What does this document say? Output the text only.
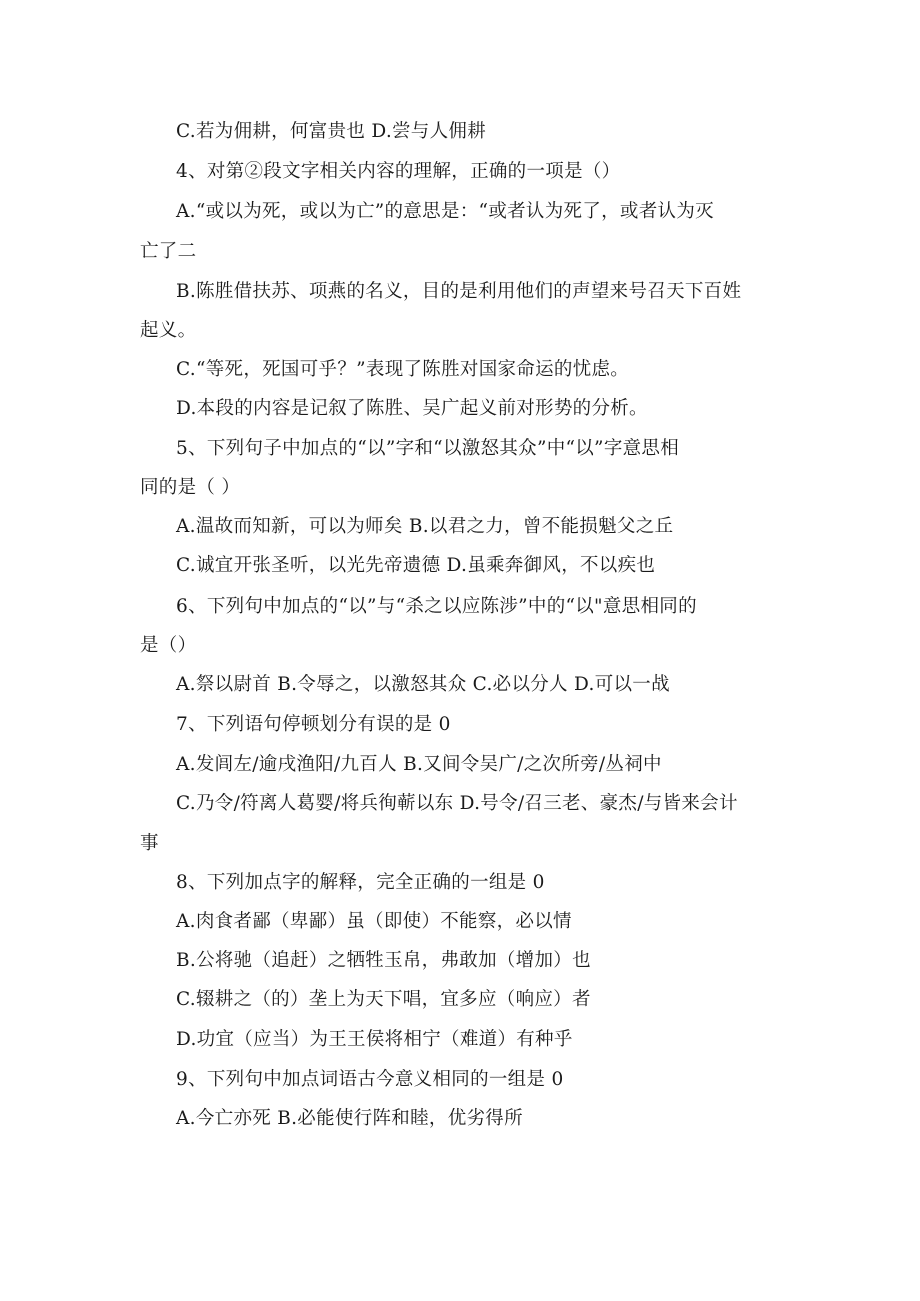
C.若为佣耕，何富贵也 D.尝与人佣耕

4、对第②段文字相关内容的理解，正确的一项是（）

A.“或以为死，或以为亡”的意思是：“或者认为死了，或者认为灭

亡了二

B.陈胜借扶苏、项燕的名义，目的是利用他们的声望来号召天下百姓

起义。

C.“等死，死国可乎？”表现了陈胜对国家命运的忧虑。

D.本段的内容是记叙了陈胜、吴广起义前对形势的分析。

5、下列句子中加点的“以”字和“以激怒其众”中“以”字意思相

同的是（ ）

A.温故而知新，可以为师矣 B.以君之力，曾不能损魁父之丘

C.诚宜开张圣听，以光先帝遗德 D.虽乘奔御风，不以疾也

6、下列句中加点的“以”与“杀之以应陈涉”中的“以"意思相同的

是（）

A.祭以尉首 B.令辱之，以激怒其众 C.必以分人 D.可以一战

7、下列语句停顿划分有误的是 0

A.发闾左/逾戌渔阳/九百人 B.又间令吴广/之次所旁/丛祠中

C.乃令/符离人葛婴/将兵徇蕲以东 D.号令/召三老、豪杰/与皆来会计

事

8、下列加点字的解释，完全正确的一组是 0

A.肉食者鄙（卑鄙）虽（即使）不能察，必以情

B.公将驰（追赶）之牺牲玉帛，弗敢加（增加）也

C.辍耕之（的）垄上为天下唱，宜多应（响应）者

D.功宜（应当）为王王侯将相宁（难道）有种乎

9、下列句中加点词语古今意义相同的一组是 0

A.今亡亦死 B.必能使行阵和睦，优劣得所
